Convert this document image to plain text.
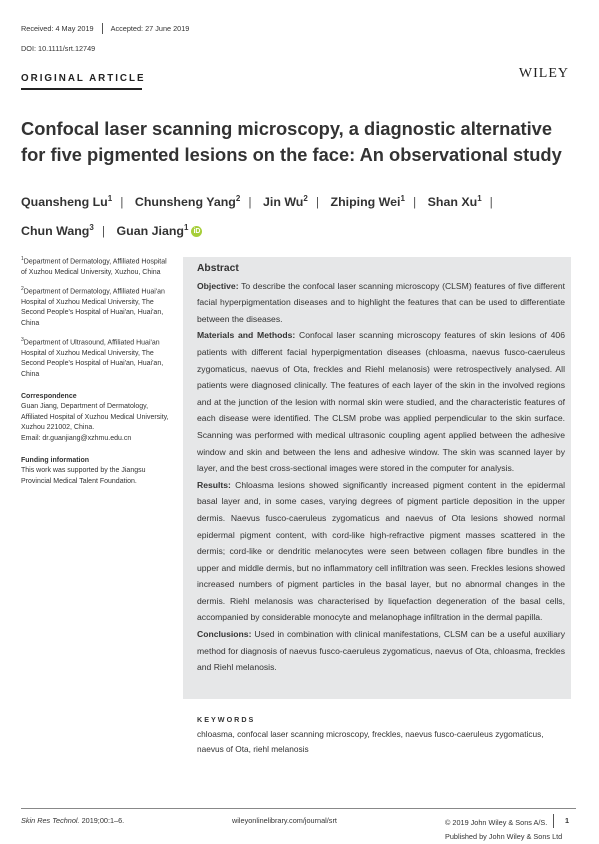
Received: 4 May 2019 Accepted: 27 June 2019
DOI: 10.1111/srt.12749
ORIGINAL ARTICLE	WILEY
Confocal laser scanning microscopy, a diagnostic alternative for five pigmented lesions on the face: An observational study
Quansheng Lu$^1$ | Chunsheng Yang$^2$ | Jin Wu$^2$ | Zhiping Wei$^1$ | Shan Xu$^1$ |
Chun Wang$^3$ | Guan Jiang$^1$ iD

$^1$Department of Dermatology, Affiliated Hospital of Xuzhou Medical University, Xuzhou, China

$^2$Department of Dermatology, Affiliated Huai'an Hospital of Xuzhou Medical University, The Second People's Hospital of Huai'an, Huai'an, China

$^3$Department of Ultrasound, Affiliated Huai'an Hospital of Xuzhou Medical University, The Second People's Hospital of Huai'an, Huai'an, China

Correspondence
Guan Jiang, Department of Dermatology, Affiliated Hospital of Xuzhou Medical University, Xuzhou 221002, China.
Email: dr.guanjiang@xzhmu.edu.cn
Funding information
This work was supported by the Jiangsu Provincial Medical Talent Foundation.
Abstract

Objective: To describe the confocal laser scanning microscopy (CLSM) features of five different facial hyperpigmentation diseases and to highlight the features that can be used to differentiate between the diseases.

Materials and Methods: Confocal laser scanning microscopy features of skin lesions of 406 patients with different facial hyperpigmentation diseases (chloasma, naevus fusco-caeruleus zygomaticus, naevus of Ota, freckles and Riehl melanosis) were retrospectively analysed. All patients were diagnosed clinically. The features of each layer of the skin in the involved regions and at the junction of the lesion with normal skin were studied, and the characteristic features of each disease were identified. The CLSM probe was applied perpendicular to the skin surface. Scanning was performed with medical ultrasonic coupling agent applied between the adhesive window and skin and between the lens and adhesive window. The skin was scanned layer by layer, and the best cross-sectional images were stored in the computer for analysis.

Results: Chloasma lesions showed significantly increased pigment content in the epidermal basal layer and, in some cases, varying degrees of pigment particle deposition in the upper dermis. Naevus fusco-caeruleus zygomaticus and naevus of Ota lesions showed normal epidermal pigment content, with cord-like high-refractive pigment masses scattered in the dermis; cord-like or dendritic melanocytes were seen between collagen fibre bundles in the upper and middle dermis, but no inflammatory cell infiltration was seen. Freckles lesions showed increased numbers of pigment particles in the basal layer, but no abnormal changes in the dermis. Riehl melanosis was characterised by liquefaction degeneration of the basal cells, accompanied by considerable monocyte and melanophage infiltration in the dermal papilla.

Conclusions: Used in combination with clinical manifestations, CLSM can be a useful auxiliary method for diagnosis of naevus fusco-caeruleus zygomaticus, naevus of Ota, chloasma, freckles and Riehl melanosis.

KEYWORDS
chloasma, confocal laser scanning microscopy, freckles, naevus fusco-caeruleus zygomaticus, naevus of Ota, riehl melanosis
Skin Res Technol. 2019;00:1–6.	wileyonlinelibrary.com/journal/srt	© 2019 John Wiley & Sons A/S.
Published by John Wiley & Sons Ltd
1
